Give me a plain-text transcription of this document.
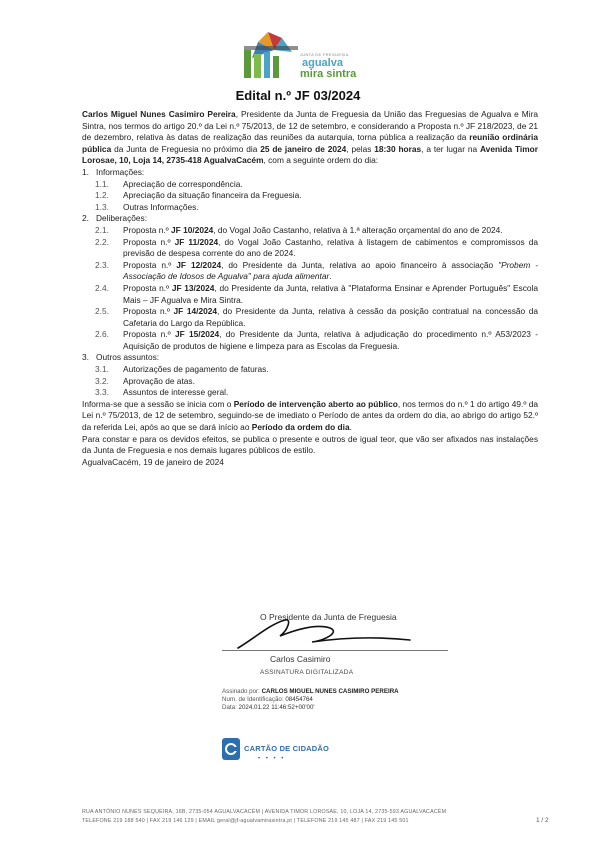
JUNTA DE FREGUESIA
agualva
mira sintra
Edital n.º JF 03/2024

Carlos Miguel Nunes Casimiro Pereira, Presidente da Junta de Freguesia da União das Freguesias de Agualva e Mira Sintra, nos termos do artigo 20.º da Lei n.º 75/2013, de 12 de setembro, e considerando a Proposta n.º JF 218/2023, de 21 de dezembro, relativa às datas de realização das reuniões da autarquia, torna pública a realização da reunião ordinária pública da Junta de Freguesia no próximo dia 25 de janeiro de 2024, pelas 18:30 horas, a ter lugar na Avenida Timor Lorosae, 10, Loja 14, 2735-418 AgualvaCacém, com a seguinte ordem do dia:

1. Informações:
1.1.	Apreciação de correspondência.
1.2.	Apreciação da situação financeira da Freguesia.
1.3.	Outras Informações.
2. Deliberações:
2.1.	Proposta n.º JF 10/2024, do Vogal João Castanho, relativa à 1.ª alteração orçamental do ano de 2024.
2.2.	Proposta n.º JF 11/2024, do Vogal João Castanho, relativa à listagem de cabimentos e compromissos da previsão de despesa corrente do ano de 2024.
2.3.	Proposta n.º JF 12/2024, do Presidente da Junta, relativa ao apoio financeiro à associação "Probem - Associação de Idosos de Agualva" para ajuda alimentar.
2.4.	Proposta n.º JF 13/2024, do Presidente da Junta, relativa à "Plataforma Ensinar e Aprender Português" Escola Mais – JF Agualva e Mira Sintra.
2.5.	Proposta n.º JF 14/2024, do Presidente da Junta, relativa à cessão da posição contratual na concessão da Cafetaria do Largo da República.
2.6.	Proposta n.º JF 15/2024, do Presidente da Junta, relativa à adjudicação do procedimento n.º A53/2023 - Aquisição de produtos de higiene e limpeza para as Escolas da Freguesia.
3. Outros assuntos:
3.1.	Autorizações de pagamento de faturas.
3.2.	Aprovação de atas.
3.3.	Assuntos de interesse geral.

Informa-se que a sessão se inicia com o Período de intervenção aberto ao público, nos termos do n.º 1 do artigo 49.º da Lei n.º 75/2013, de 12 de setembro, seguindo-se de imediato o Período de antes da ordem do dia, ao abrigo do artigo 52.º da referida Lei, após ao que se dará início ao Período da ordem do dia.

Para constar e para os devidos efeitos, se publica o presente e outros de igual teor, que vão ser afixados nas instalações da Junta de Freguesia e nos demais lugares públicos de estilo.

AgualvaCacém, 19 de janeiro de 2024

O Presidente da Junta de Freguesia
Carlos Casimiro
ASSINATURA DIGITALIZADA
Assinado por: CARLOS MIGUEL NUNES CASIMIRO PEREIRA
Num. de Identificação: 08454764
Data: 2024.01.22 11:46:52+00'00'
CARTÃO DE CIDADÃO
• • • •
RUA ANTÓNIO NUNES SEQUEIRA, 16B, 2735-054 AGUALVACACÉM | AVENIDA TIMOR LOROSAE, 10, LOJA 14, 2735-593 AGUALVACACÉM
TELEFONE 219 188 540 | FAX 219 146 129 | EMAIL geral@jf-agualvamirasintra.pt | TELEFONE 219 145 487 | FAX 219 145 501	1 / 2
